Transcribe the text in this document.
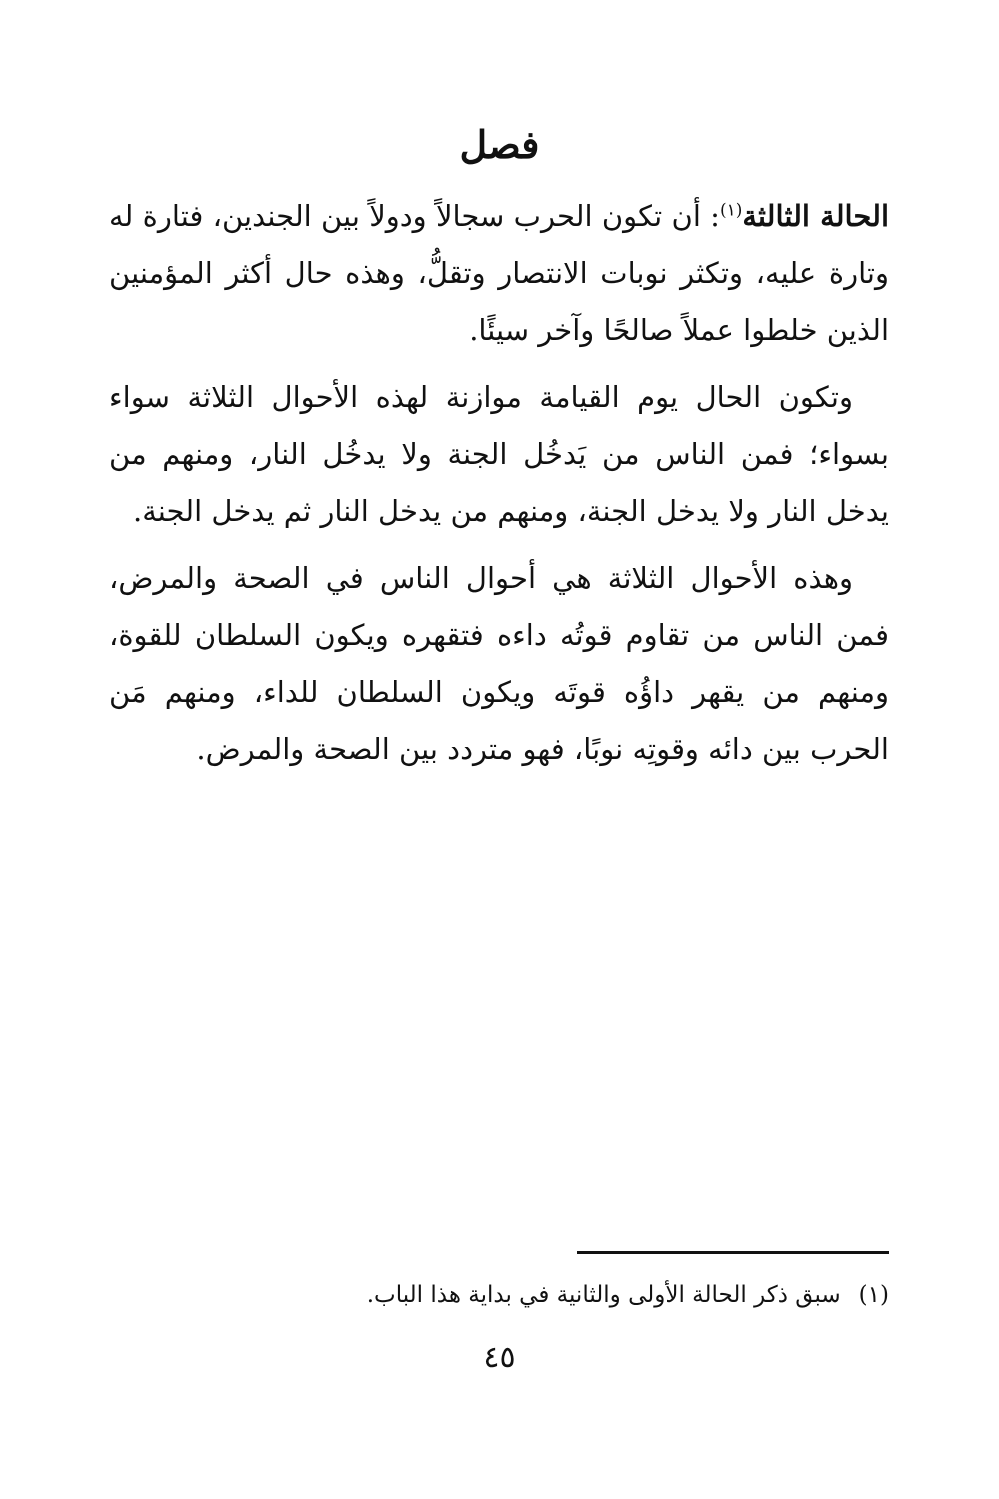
فصل

الحالة الثالثة$^{(١)}$: أن تكون الحرب سجالاً ودولاً بين الجندين، فتارة له وتارة عليه، وتكثر نوبات الانتصار وتقلُّ، وهذه حال أكثر المؤمنين الذين خلطوا عملاً صالحًا وآخر سيئًا.

وتكون الحال يوم القيامة موازنة لهذه الأحوال الثلاثة سواء بسواء؛ فمن الناس من يَدخُل الجنة ولا يدخُل النار، ومنهم من يدخل النار ولا يدخل الجنة، ومنهم من يدخل النار ثم يدخل الجنة.

وهذه الأحوال الثلاثة هي أحوال الناس في الصحة والمرض، فمن الناس من تقاوم قوتُه داءه فتقهره ويكون السلطان للقوة، ومنهم من يقهر داؤُه قوتَه ويكون السلطان للداء، ومنهم مَن الحرب بين دائه وقوتِه نوبًا، فهو متردد بين الصحة والمرض.

(١)سبق ذكر الحالة الأولى والثانية في بداية هذا الباب.
٤٥
